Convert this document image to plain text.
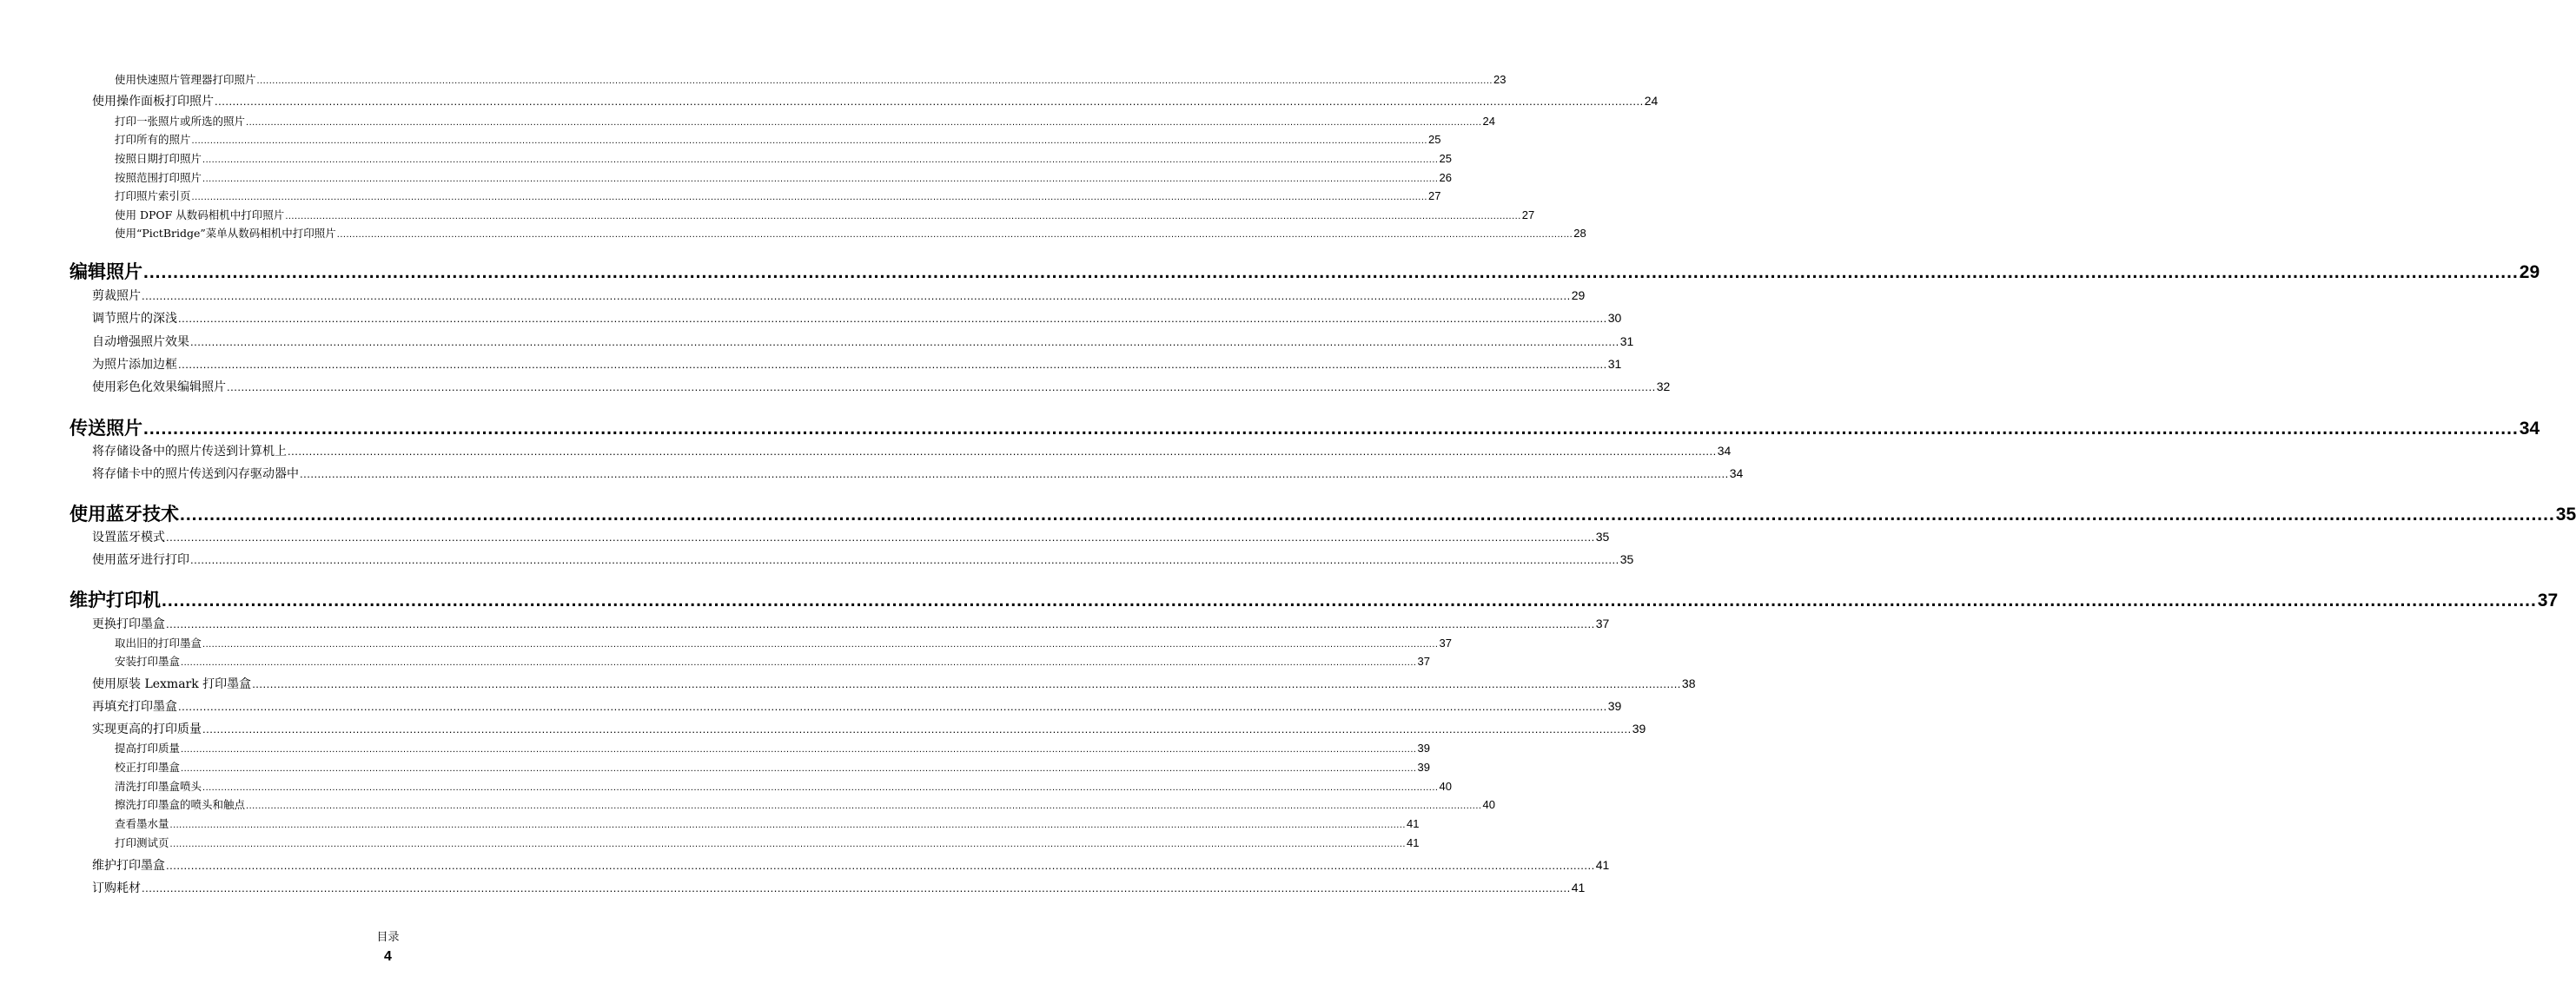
使用快速照片管理器打印照片 ................................................................................................................................................................................................................................................................................................................................................................................................................ 23
使用操作面板打印照片 ................................................................................................................................................................................................................................................................................................................................................................................................................ 24
打印一张照片或所选的照片 ................................................................................................................................................................................................................................................................................................................................................................................................................ 24
打印所有的照片 ................................................................................................................................................................................................................................................................................................................................................................................................................ 25
按照日期打印照片 ................................................................................................................................................................................................................................................................................................................................................................................................................ 25
按照范围打印照片 ................................................................................................................................................................................................................................................................................................................................................................................................................ 26
打印照片索引页 ................................................................................................................................................................................................................................................................................................................................................................................................................ 27
使用 DPOF 从数码相机中打印照片 ................................................................................................................................................................................................................................................................................................................................................................................................................ 27
使用“PictBridge”菜单从数码相机中打印照片 ................................................................................................................................................................................................................................................................................................................................................................................................................ 28
编辑照片 ................................................................................................................................................................................................................................................................................................................................................................................................................ 29
剪裁照片 ................................................................................................................................................................................................................................................................................................................................................................................................................ 29
调节照片的深浅 ................................................................................................................................................................................................................................................................................................................................................................................................................ 30
自动增强照片效果 ................................................................................................................................................................................................................................................................................................................................................................................................................ 31
为照片添加边框 ................................................................................................................................................................................................................................................................................................................................................................................................................ 31
使用彩色化效果编辑照片 ................................................................................................................................................................................................................................................................................................................................................................................................................ 32
传送照片 ................................................................................................................................................................................................................................................................................................................................................................................................................ 34
将存储设备中的照片传送到计算机上 ................................................................................................................................................................................................................................................................................................................................................................................................................ 34
将存储卡中的照片传送到闪存驱动器中 ................................................................................................................................................................................................................................................................................................................................................................................................................ 34
使用蓝牙技术 ................................................................................................................................................................................................................................................................................................................................................................................................................ 35
设置蓝牙模式 ................................................................................................................................................................................................................................................................................................................................................................................................................ 35
使用蓝牙进行打印 ................................................................................................................................................................................................................................................................................................................................................................................................................ 35
维护打印机 ................................................................................................................................................................................................................................................................................................................................................................................................................ 37
更换打印墨盒 ................................................................................................................................................................................................................................................................................................................................................................................................................ 37
取出旧的打印墨盒 ................................................................................................................................................................................................................................................................................................................................................................................................................ 37
安装打印墨盒 ................................................................................................................................................................................................................................................................................................................................................................................................................ 37
使用原装 Lexmark 打印墨盒 ................................................................................................................................................................................................................................................................................................................................................................................................................ 38
再填充打印墨盒 ................................................................................................................................................................................................................................................................................................................................................................................................................ 39
实现更高的打印质量 ................................................................................................................................................................................................................................................................................................................................................................................................................ 39
提高打印质量 ................................................................................................................................................................................................................................................................................................................................................................................................................ 39
校正打印墨盒 ................................................................................................................................................................................................................................................................................................................................................................................................................ 39
清洗打印墨盒喷头 ................................................................................................................................................................................................................................................................................................................................................................................................................ 40
擦洗打印墨盒的喷头和触点 ................................................................................................................................................................................................................................................................................................................................................................................................................ 40
查看墨水量 ................................................................................................................................................................................................................................................................................................................................................................................................................ 41
打印测试页 ................................................................................................................................................................................................................................................................................................................................................................................................................ 41
维护打印墨盒 ................................................................................................................................................................................................................................................................................................................................................................................................................ 41
订购耗材 ................................................................................................................................................................................................................................................................................................................................................................................................................ 41
目录
4
